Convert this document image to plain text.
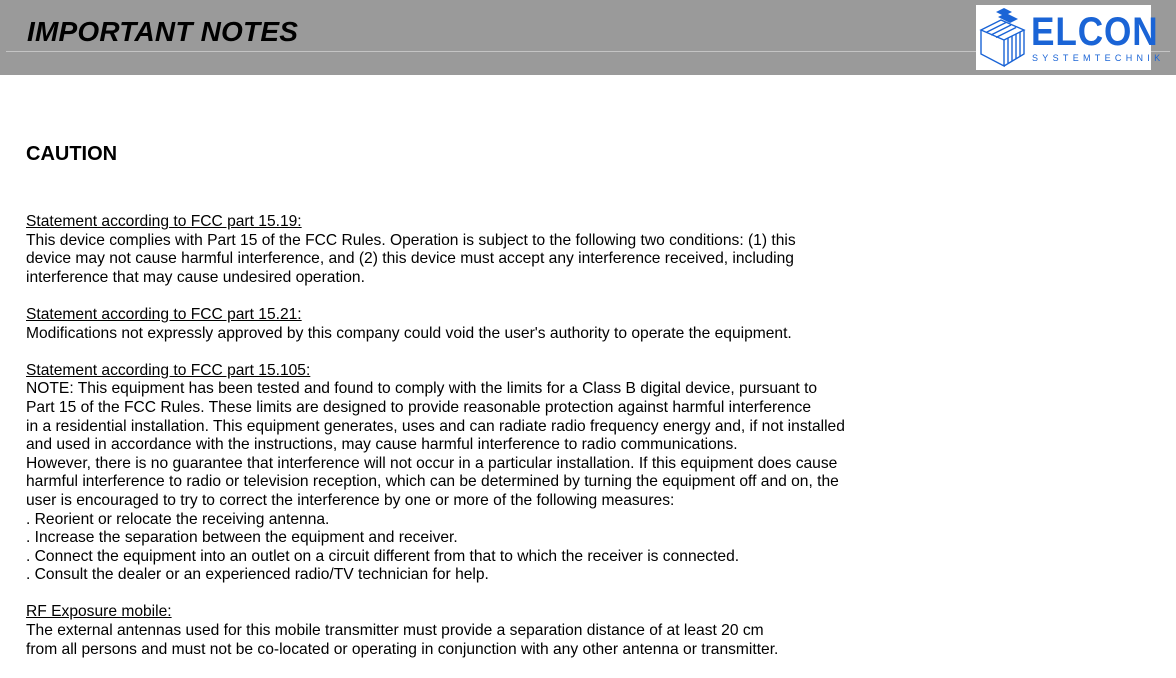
IMPORTANT NOTES	ELCON
SYSTEMTECHNIK
CAUTION
Statement according to FCC part 15.19:
This device complies with Part 15 of the FCC Rules. Operation is subject to the following two conditions: (1) this
device may not cause harmful interference, and (2) this device must accept any interference received, including
interference that may cause undesired operation.
Statement according to FCC part 15.21:
Modifications not expressly approved by this company could void the user's authority to operate the equipment.
Statement according to FCC part 15.105:
NOTE: This equipment has been tested and found to comply with the limits for a Class B digital device, pursuant to
Part 15 of the FCC Rules. These limits are designed to provide reasonable protection against harmful interference
in a residential installation. This equipment generates, uses and can radiate radio frequency energy and, if not installed
and used in accordance with the instructions, may cause harmful interference to radio communications.
However, there is no guarantee that interference will not occur in a particular installation. If this equipment does cause
harmful interference to radio or television reception, which can be determined by turning the equipment off and on, the
user is encouraged to try to correct the interference by one or more of the following measures:
. Reorient or relocate the receiving antenna.
. Increase the separation between the equipment and receiver.
. Connect the equipment into an outlet on a circuit different from that to which the receiver is connected.
. Consult the dealer or an experienced radio/TV technician for help.
RF Exposure mobile:
The external antennas used for this mobile transmitter must provide a separation distance of at least 20 cm
from all persons and must not be co-located or operating in conjunction with any other antenna or transmitter.
